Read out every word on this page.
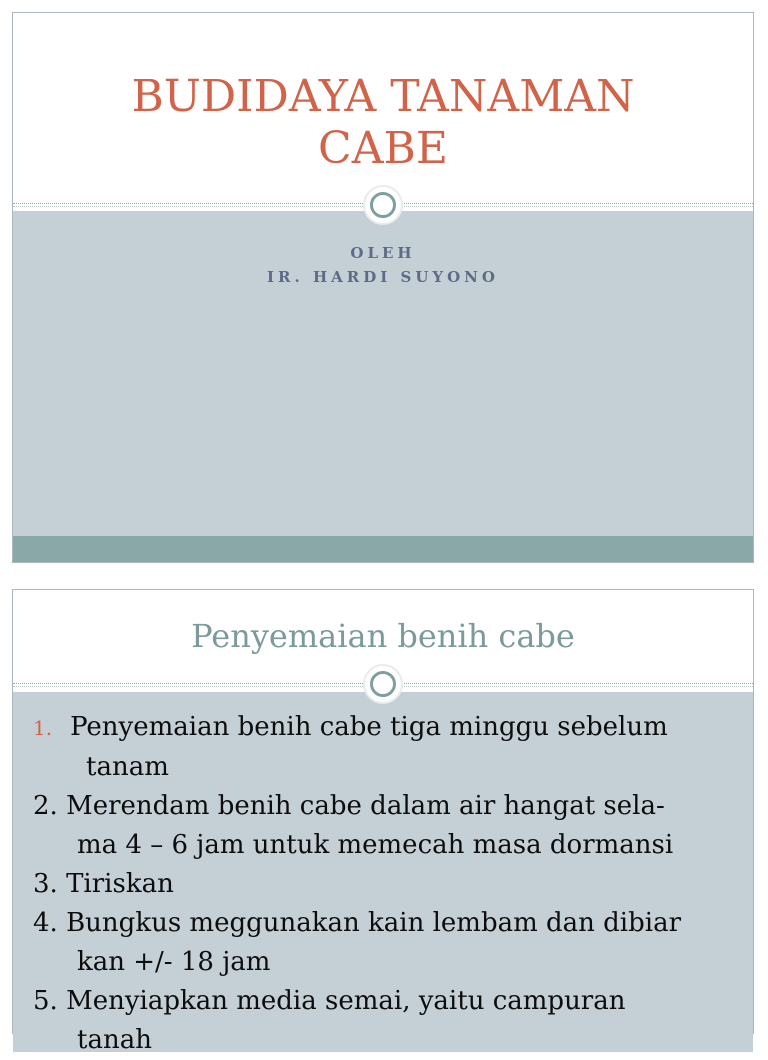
BUDIDAYA TANAMAN
CABE
OLEH
IR. HARDI SUYONO
Penyemaian benih cabe
1. Penyemaian benih cabe tiga minggu sebelum
tanam
2. Merendam benih cabe dalam air hangat sela-
ma 4 – 6 jam untuk memecah masa dormansi
3. Tiriskan
4. Bungkus meggunakan kain lembam dan dibiar
kan +/- 18 jam
5. Menyiapkan media semai, yaitu campuran
tanah
